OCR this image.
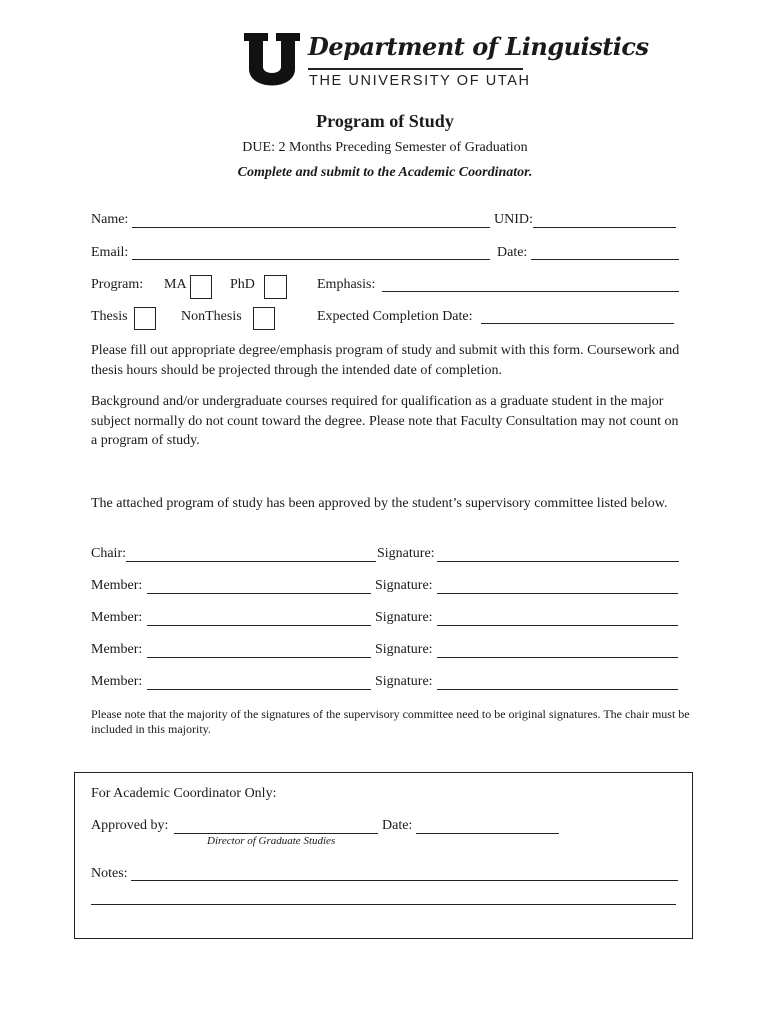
Department of Linguistics
THE UNIVERSITY OF UTAH
Program of Study
DUE: 2 Months Preceding Semester of Graduation
Complete and submit to the Academic Coordinator.
Name:	UNID:
Email:	Date:
Program: MA	PhD	Emphasis:
Thesis	NonThesis	Expected Completion Date:
Please fill out appropriate degree/emphasis program of study and submit with this form. Coursework and thesis hours should be projected through the intended date of completion.
Background and/or undergraduate courses required for qualification as a graduate student in the major subject normally do not count toward the degree. Please note that Faculty Consultation may not count on a program of study.
The attached program of study has been approved by the student’s supervisory committee listed below.
Chair:	Signature:
Member:	Signature:
Member:	Signature:
Member:	Signature:
Member:	Signature:
Please note that the majority of the signatures of the supervisory committee need to be original signatures. The chair must be included in this majority.
For Academic Coordinator Only:
Approved by:	Date:
Director of Graduate Studies
Notes:
